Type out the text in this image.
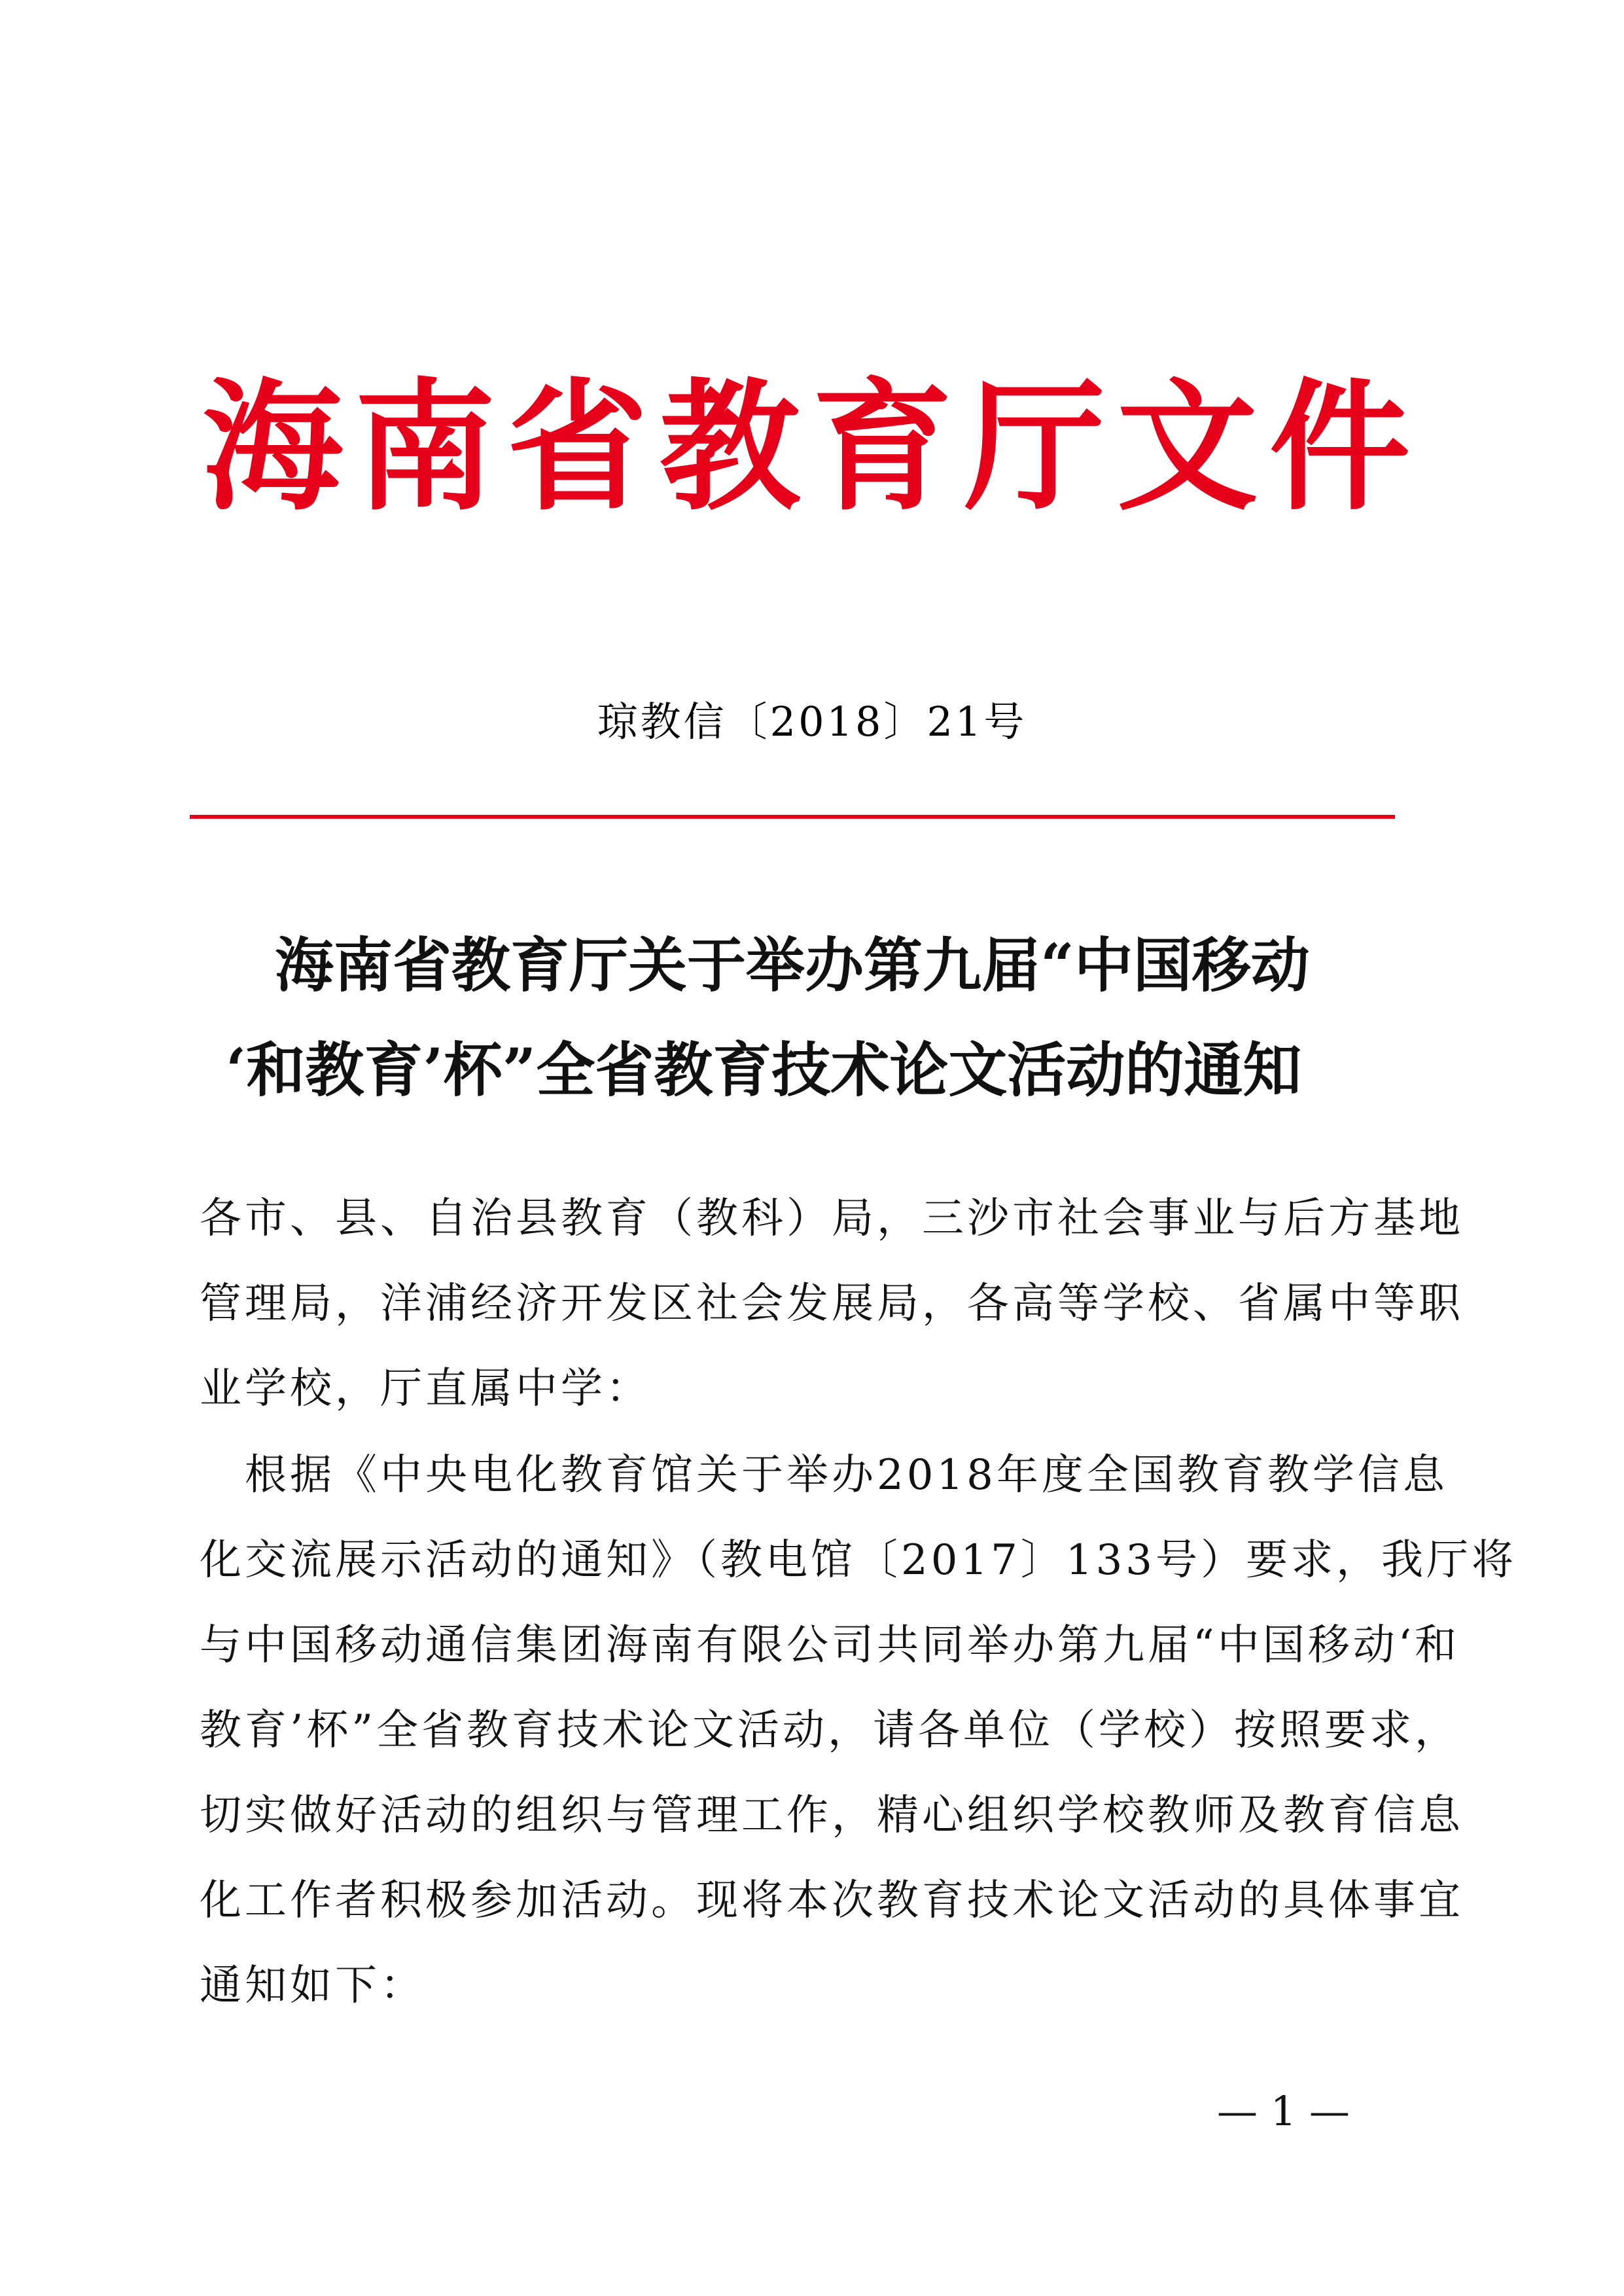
海南省教育厅文件
琼教信〔2018〕21号
海南省教育厅关于举办第九届“中国移动
‘和教育’杯”全省教育技术论文活动的通知
各市、县、自治县教育（教科）局，三沙市社会事业与后方基地
管理局，洋浦经济开发区社会发展局，各高等学校、省属中等职
业学校，厅直属中学：
　根据《中央电化教育馆关于举办2018年度全国教育教学信息
化交流展示活动的通知》（教电馆〔2017〕133号）要求，我厅将
与中国移动通信集团海南有限公司共同举办第九届“中国移动‘和
教育’杯”全省教育技术论文活动，请各单位（学校）按照要求，
切实做好活动的组织与管理工作，精心组织学校教师及教育信息
化工作者积极参加活动。现将本次教育技术论文活动的具体事宜
通知如下：
— 1 —
